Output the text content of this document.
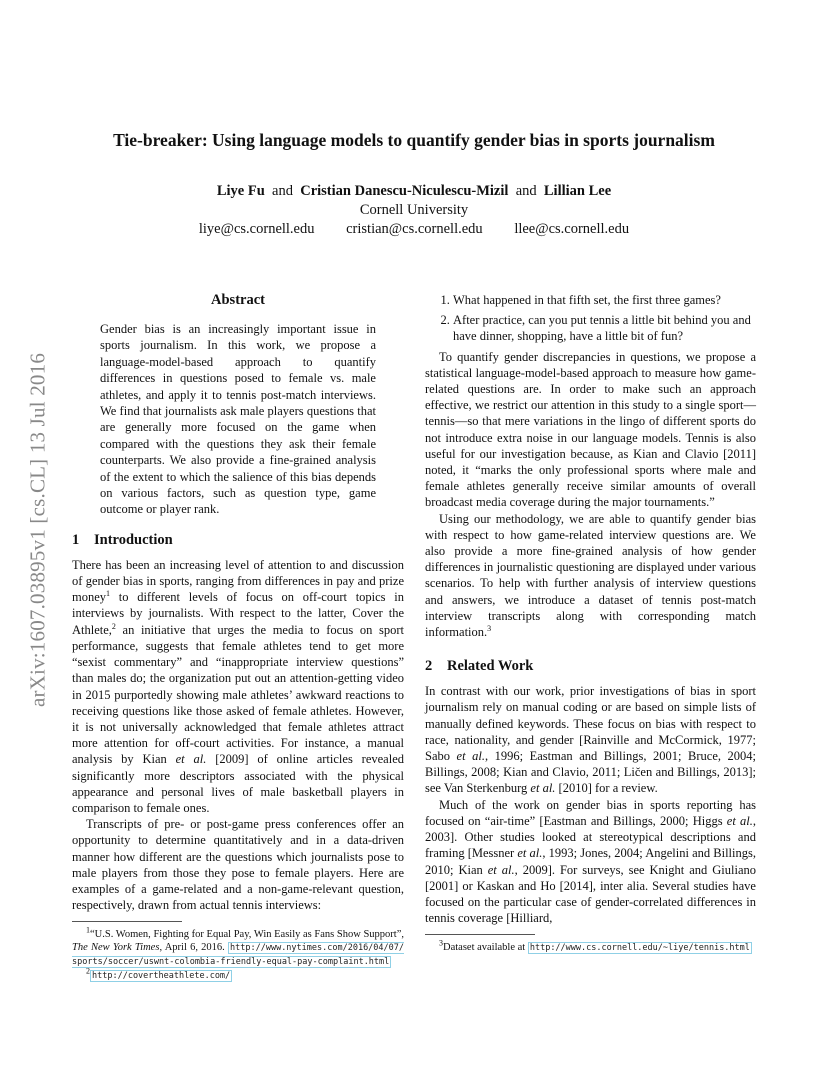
arXiv:1607.03895v1 [cs.CL] 13 Jul 2016
Tie-breaker: Using language models to quantify gender bias in sports journalism
Liye Fu and Cristian Danescu-Niculescu-Mizil and Lillian Lee
Cornell University
liye@cs.cornell.edu cristian@cs.cornell.edu llee@cs.cornell.edu
Abstract

Gender bias is an increasingly important issue in sports journalism. In this work, we propose a language-model-based approach to quantify differences in questions posed to female vs. male athletes, and apply it to tennis post-match interviews. We find that journalists ask male players questions that are generally more focused on the game when compared with the questions they ask their female counterparts. We also provide a fine-grained analysis of the extent to which the salience of this bias depends on various factors, such as question type, game outcome or player rank.

1 Introduction

There has been an increasing level of attention to and discussion of gender bias in sports, ranging from differences in pay and prize money$^1$ to different levels of focus on off-court topics in interviews by journalists. With respect to the latter, Cover the Athlete,$^2$ an initiative that urges the media to focus on sport performance, suggests that female athletes tend to get more “sexist commentary” and “inappropriate interview questions” than males do; the organization put out an attention-getting video in 2015 purportedly showing male athletes’ awkward reactions to receiving questions like those asked of female athletes. However, it is not universally acknowledged that female athletes attract more attention for off-court activities. For instance, a manual analysis by Kian et al. [2009] of online articles revealed significantly more descriptors associated with the physical appearance and personal lives of male basketball players in comparison to female ones.

Transcripts of pre- or post-game press conferences offer an opportunity to determine quantitatively and in a data-driven manner how different are the questions which journalists pose to male players from those they pose to female players. Here are examples of a game-related and a non-game-relevant question, respectively, drawn from actual tennis interviews:

$^1$“U.S. Women, Fighting for Equal Pay, Win Easily as Fans Show Support”, The New York Times, April 6, 2016. http://www.nytimes.com/2016/04/07/sports/soccer/uswnt-colombia-friendly-equal-pay-complaint.html

$^2$ http://covertheathlete.com/

1. What happened in that fifth set, the first three games?
2. After practice, can you put tennis a little bit behind you and have dinner, shopping, have a little bit of fun?

To quantify gender discrepancies in questions, we propose a statistical language-model-based approach to measure how game-related questions are. In order to make such an approach effective, we restrict our attention in this study to a single sport—tennis—so that mere variations in the lingo of different sports do not introduce extra noise in our language models. Tennis is also useful for our investigation because, as Kian and Clavio [2011] noted, it “marks the only professional sports where male and female athletes generally receive similar amounts of overall broadcast media coverage during the major tournaments.”

Using our methodology, we are able to quantify gender bias with respect to how game-related interview questions are. We also provide a more fine-grained analysis of how gender differences in journalistic questioning are displayed under various scenarios. To help with further analysis of interview questions and answers, we introduce a dataset of tennis post-match interview transcripts along with corresponding match information.$^3$

2 Related Work

In contrast with our work, prior investigations of bias in sport journalism rely on manual coding or are based on simple lists of manually defined keywords. These focus on bias with respect to race, nationality, and gender [Rainville and McCormick, 1977; Sabo et al., 1996; Eastman and Billings, 2001; Bruce, 2004; Billings, 2008; Kian and Clavio, 2011; Ličen and Billings, 2013]; see Van Sterkenburg et al. [2010] for a review.

Much of the work on gender bias in sports reporting has focused on “air-time” [Eastman and Billings, 2000; Higgs et al., 2003]. Other studies looked at stereotypical descriptions and framing [Messner et al., 1993; Jones, 2004; Angelini and Billings, 2010; Kian et al., 2009]. For surveys, see Knight and Giuliano [2001] or Kaskan and Ho [2014], inter alia. Several studies have focused on the particular case of gender-correlated differences in tennis coverage [Hilliard,

$^3$Dataset available at http://www.cs.cornell.edu/~liye/tennis.html
